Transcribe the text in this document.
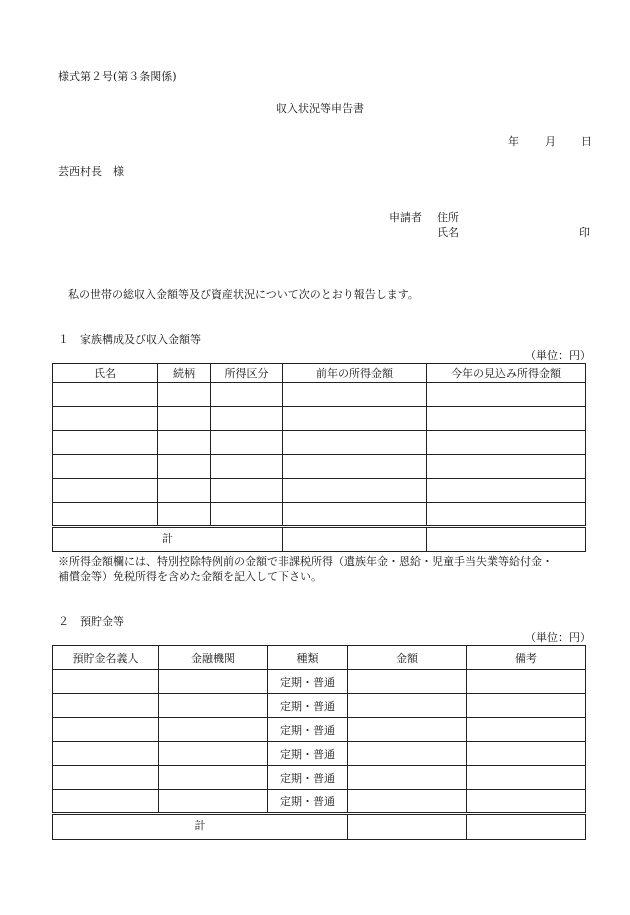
様式第２号(第３条関係)
収入状況等申告書
年 月 日
芸西村長　様
申請者 住所
氏名	印
私の世帯の総収入金額等及び資産状況について次のとおり報告します。
１　家族構成及び収入金額等
（単位：円）
氏名	続柄	所得区分	前年の所得金額	今年の見込み所得金額

計				
※所得金額欄には、特別控除特例前の金額で非課税所得（遺族年金・恩給・児童手当失業等給付金・
補償金等）免税所得を含めた金額を記入して下さい。
２　預貯金等
（単位：円）
預貯金名義人	金融機関	種類	金額	備考
		定期・普通		
		定期・普通		
		定期・普通		
		定期・普通		
		定期・普通		
		定期・普通		
計				
